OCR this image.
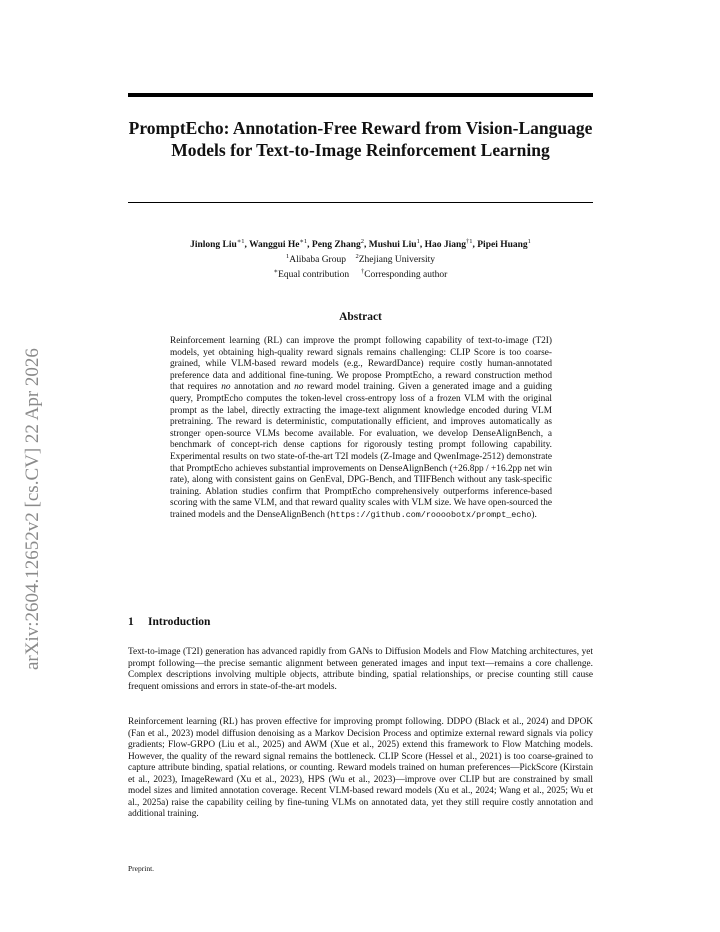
arXiv:2604.12652v2 [cs.CV] 22 Apr 2026
PromptEcho: Annotation-Free Reward from Vision-Language Models for Text-to-Image Reinforcement Learning
Jinlong Liu$^{∗1}$, Wanggui $He^{∗1}$, Peng Zhang$^2$, Mushui Liu$^1$, Hao Jiang$^{\dagger 1}$, Pipei Huang$^1$
$^1$Alibaba Group $^2$Zhejiang University
∗Equal contribution †Corresponding author
Abstract
Reinforcement learning (RL) can improve the prompt following capability of text-to-image (T2I) models, yet obtaining high-quality reward signals remains challenging: CLIP Score is too coarse-grained, while VLM-based reward models (e.g., RewardDance) require costly human-annotated preference data and additional fine-tuning. We propose PromptEcho, a reward construction method that requires no annotation and no reward model training. Given a generated image and a guiding query, PromptEcho computes the token-level cross-entropy loss of a frozen VLM with the original prompt as the label, directly extracting the image-text alignment knowledge encoded during VLM pretraining. The reward is deterministic, computationally efficient, and improves automatically as stronger open-source VLMs become available. For evaluation, we develop DenseAlignBench, a benchmark of concept-rich dense captions for rigorously testing prompt following capability. Experimental results on two state-of-the-art T2I models (Z-Image and QwenImage-2512) demonstrate that PromptEcho achieves substantial improvements on DenseAlignBench (+26.8pp / +16.2pp net win rate), along with consistent gains on GenEval, DPG-Bench, and TIIFBench without any task-specific training. Ablation studies confirm that PromptEcho comprehensively outperforms inference-based scoring with the same VLM, and that reward quality scales with VLM size. We have open-sourced the trained models and the DenseAlignBench (https://github.com/roooobotx/prompt_echo).
1 Introduction
Text-to-image (T2I) generation has advanced rapidly from GANs to Diffusion Models and Flow Matching architectures, yet prompt following—the precise semantic alignment between generated images and input text—remains a core challenge. Complex descriptions involving multiple objects, attribute binding, spatial relationships, or precise counting still cause frequent omissions and errors in state-of-the-art models.
Reinforcement learning (RL) has proven effective for improving prompt following. DDPO (Black et al., 2024) and DPOK (Fan et al., 2023) model diffusion denoising as a Markov Decision Process and optimize external reward signals via policy gradients; Flow-GRPO (Liu et al., 2025) and AWM (Xue et al., 2025) extend this framework to Flow Matching models. However, the quality of the reward signal remains the bottleneck. CLIP Score (Hessel et al., 2021) is too coarse-grained to capture attribute binding, spatial relations, or counting. Reward models trained on human preferences—PickScore (Kirstain et al., 2023), ImageReward (Xu et al., 2023), HPS (Wu et al., 2023)—improve over CLIP but are constrained by small model sizes and limited annotation coverage. Recent VLM-based reward models (Xu et al., 2024; Wang et al., 2025; Wu et al., 2025a) raise the capability ceiling by fine-tuning VLMs on annotated data, yet they still require costly annotation and additional training.
Preprint.
